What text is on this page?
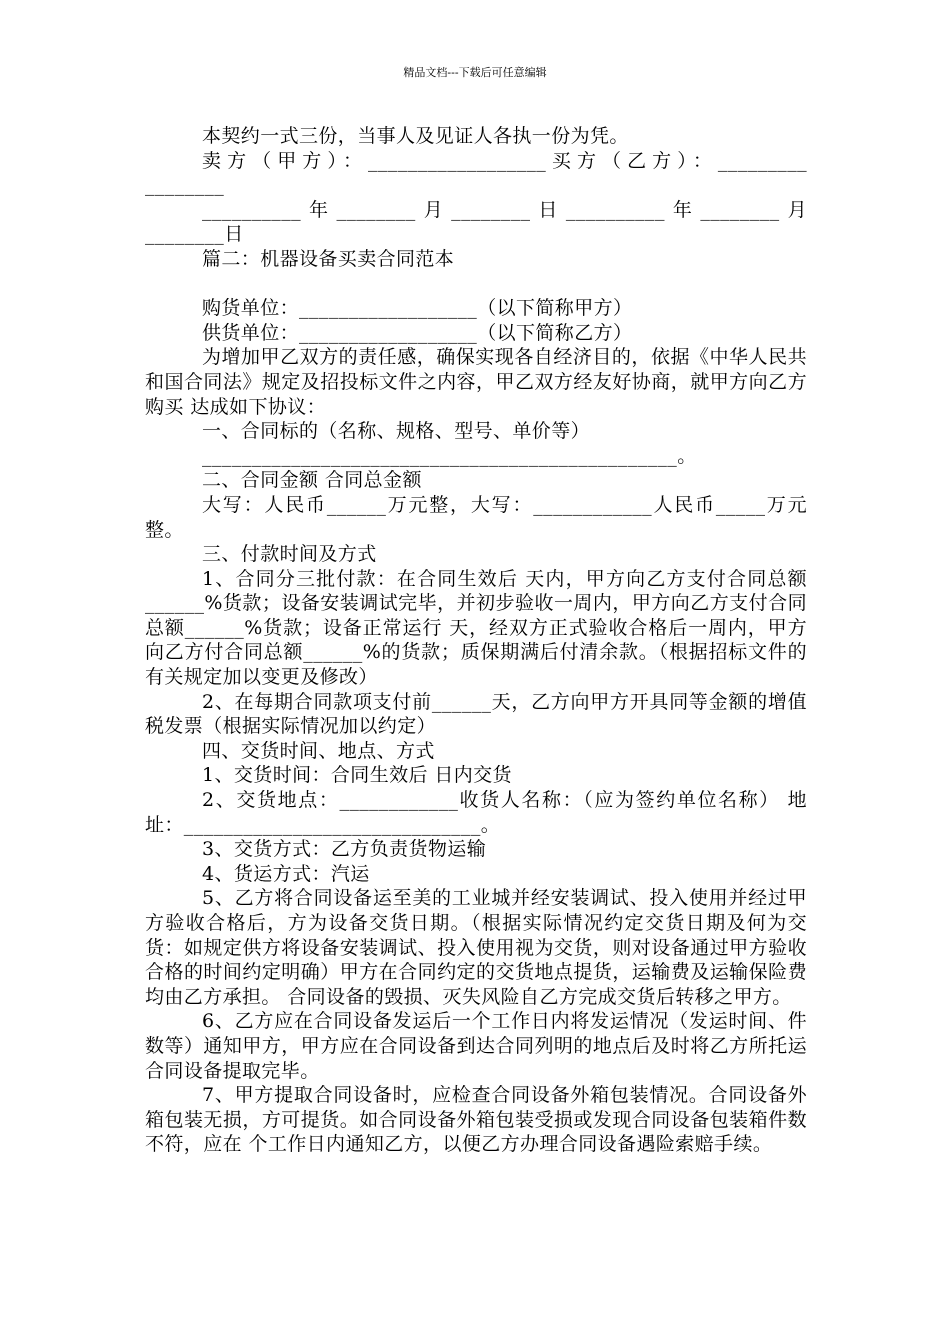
精品文档---下载后可任意编辑

本契约一式三份，当事人及见证人各执一份为凭。

卖方（甲方）：__________________买方（乙方）：_________ ________

__________年________月________日__________年________月 ________日

篇二：机器设备买卖合同范本

购货单位：__________________（以下简称甲方）

供货单位：__________________（以下简称乙方）

为增加甲乙双方的责任感，确保实现各自经济目的，依据《中华人民共和国合同法》规定及招投标文件之内容，甲乙双方经友好协商，就甲方向乙方购买 达成如下协议：

一、合同标的（名称、规格、型号、单价等）

________________________________________________。

二、合同金额 合同总金额

大写：人民币______万元整，大写：____________人民币_____万元整。

三、付款时间及方式

1、合同分三批付款：在合同生效后 天内，甲方向乙方支付合同总额______%货款；设备安装调试完毕，并初步验收一周内，甲方向乙方支付合同总额______%货款；设备正常运行 天，经双方正式验收合格后一周内，甲方向乙方付合同总额______%的货款；质保期满后付清余款。（根据招标文件的有关规定加以变更及修改）

2、在每期合同款项支付前______天，乙方向甲方开具同等金额的增值税发票（根据实际情况加以约定）

四、交货时间、地点、方式

1、交货时间：合同生效后 日内交货

2、交货地点：____________收货人名称：（应为签约单位名称） 地址：______________________________。

3、交货方式：乙方负责货物运输

4、货运方式：汽运

5、乙方将合同设备运至美的工业城并经安装调试、投入使用并经过甲方验收合格后，方为设备交货日期。（根据实际情况约定交货日期及何为交货：如规定供方将设备安装调试、投入使用视为交货，则对设备通过甲方验收合格的时间约定明确）甲方在合同约定的交货地点提货，运输费及运输保险费均由乙方承担。 合同设备的毁损、灭失风险自乙方完成交货后转移之甲方。

6、乙方应在合同设备发运后一个工作日内将发运情况（发运时间、件数等）通知甲方，甲方应在合同设备到达合同列明的地点后及时将乙方所托运合同设备提取完毕。

7、甲方提取合同设备时，应检查合同设备外箱包装情况。合同设备外箱包装无损，方可提货。如合同设备外箱包装受损或发现合同设备包装箱件数不符，应在 个工作日内通知乙方，以便乙方办理合同设备遇险索赔手续。
